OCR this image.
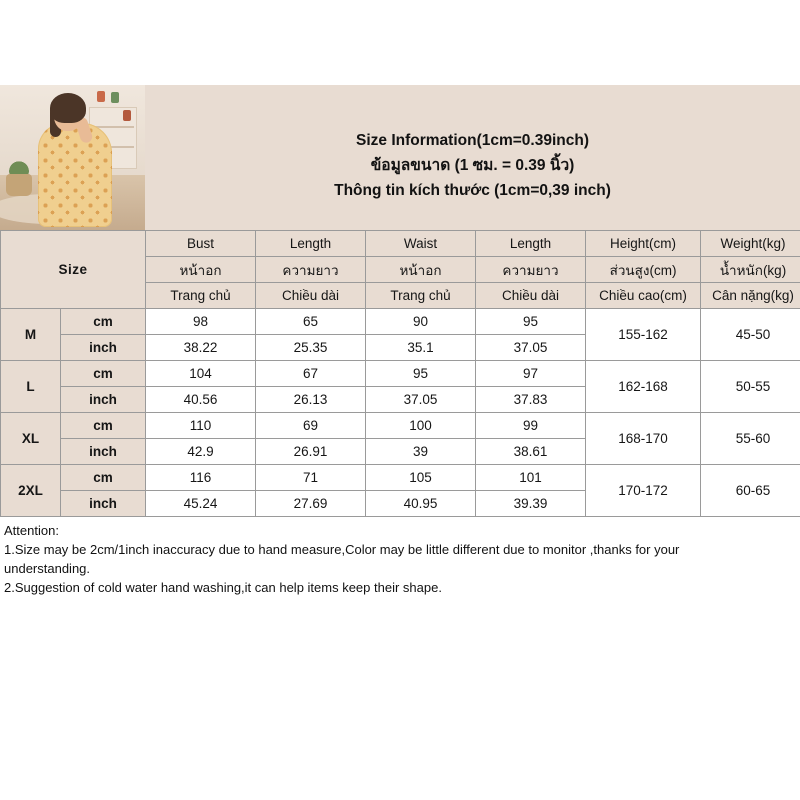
Size Information(1cm=0.39inch)
ข้อมูลขนาด (1 ซม. = 0.39 นิ้ว)
Thông tin kích thước (1cm=0,39 inch)
Size		Bust	Length	Waist	Length	Height(cm)	Weight(kg)
		หน้าอก	ความยาว	หน้าอก	ความยาว	ส่วนสูง(cm)	น้ำหนัก(kg)
		Trang chủ	Chiều dài	Trang chủ	Chiều dài	Chiều cao(cm)	Cân nặng(kg)
M	cm	98	65	90	95	155-162	45-50
	inch	38.22	25.35	35.1	37.05		
L	cm	104	67	95	97	162-168	50-55
	inch	40.56	26.13	37.05	37.83		
XL	cm	110	69	100	99	168-170	55-60
	inch	42.9	26.91	39	38.61		
2XL	cm	116	71	105	101	170-172	60-65
	inch	45.24	27.69	40.95	39.39		
Attention:
1.Size may be 2cm/1inch inaccuracy due to hand measure,Color may be little different due to monitor ,thanks for your
understanding.
2.Suggestion of cold water hand washing,it can help items keep their shape.
